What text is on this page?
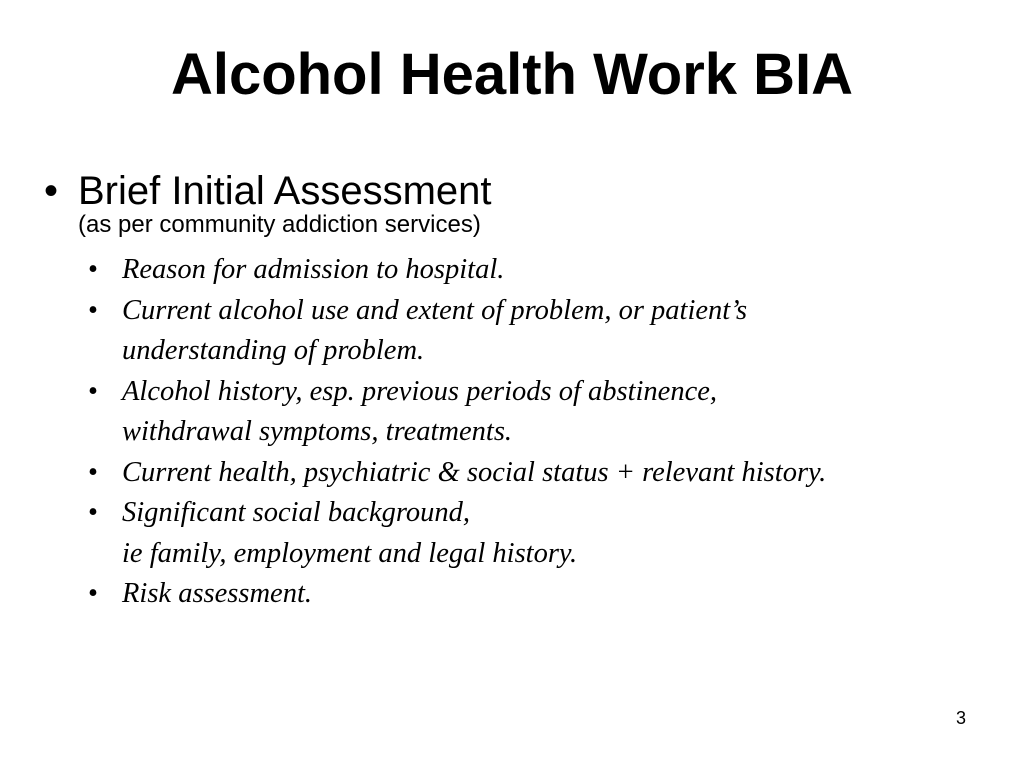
Alcohol Health Work BIA
• Brief Initial Assessment
(as per community addiction services)
• Reason for admission to hospital.
• Current alcohol use and extent of problem, or patient’s
understanding of problem.
• Alcohol history, esp. previous periods of abstinence,
withdrawal symptoms, treatments.
• Current health, psychiatric & social status + relevant history.
• Significant social background,
ie family, employment and legal history.
• Risk assessment.
3
